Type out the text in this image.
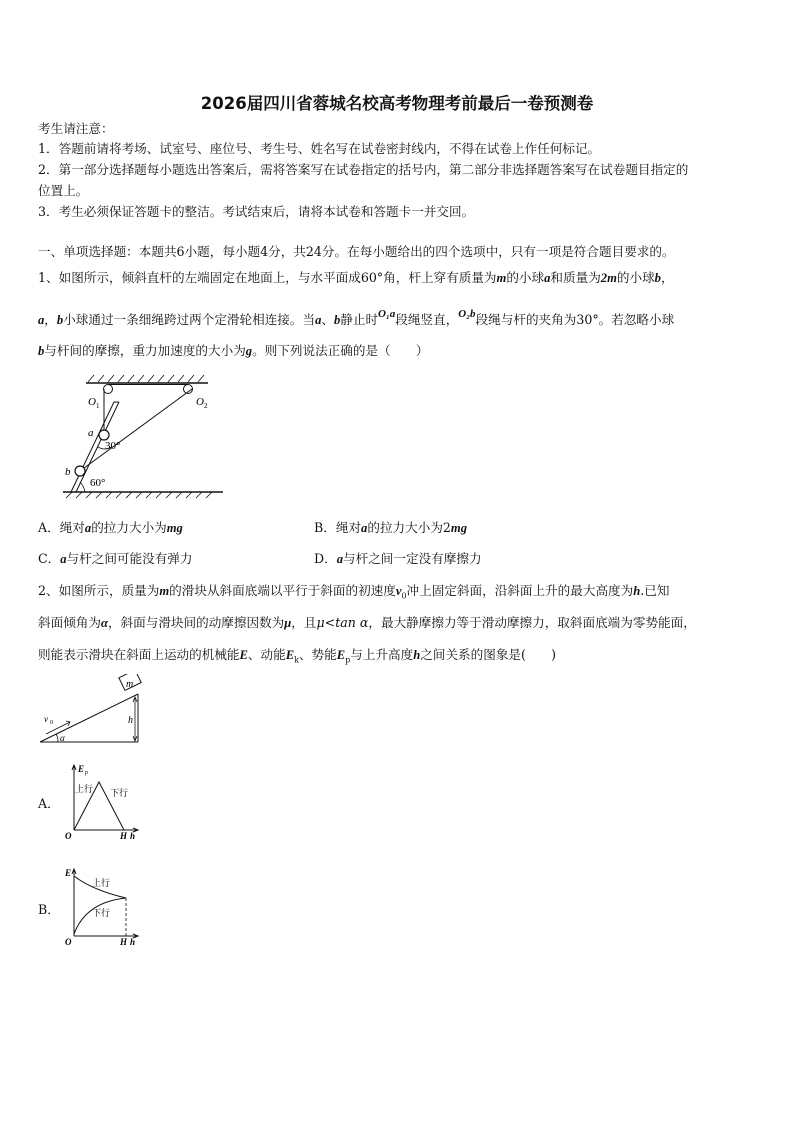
2026届四川省蓉城名校高考物理考前最后一卷预测卷
考生请注意：
1．答题前请将考场、试室号、座位号、考生号、姓名写在试卷密封线内，不得在试卷上作任何标记。
2．第一部分选择题每小题选出答案后，需将答案写在试卷指定的括号内，第二部分非选择题答案写在试卷题目指定的
位置上。
3．考生必须保证答题卡的整洁。考试结束后，请将本试卷和答题卡一并交回。
一、单项选择题：本题共6小题，每小题4分，共24分。在每小题给出的四个选项中，只有一项是符合题目要求的。
1、如图所示，倾斜直杆的左端固定在地面上，与水平面成60°角，杆上穿有质量为m的小球a和质量为2m的小球b，
a，b小球通过一条细绳跨过两个定滑轮相连接。当a、b静止时O₁a段绳竖直，O₂b段绳与杆的夹角为30°。若忽略小球
b与杆间的摩擦，重力加速度的大小为g。则下列说法正确的是（　　）
O 1	O 2
a
b
30°
60°
A．绳对a的拉力大小为mg	B．绳对a的拉力大小为2mg
C．a与杆之间可能没有弹力	D．a与杆之间一定没有摩擦力
2、如图所示，质量为m的滑块从斜面底端以平行于斜面的初速度$v_0$冲上固定斜面，沿斜面上升的最大高度为h.已知
斜面倾角为α，斜面与滑块间的动摩擦因数为μ，且μ<tan α，最大静摩擦力等于滑动摩擦力，取斜面底端为零势能面，
则能表示滑块在斜面上运动的机械能E、动能$E_k$、势能$E_p$与上升高度h之间关系的图象是(　　)
m
h
v 0
α
A．
E p
上行 下行
O	H h
B．
E
上行
下行
O	H h
